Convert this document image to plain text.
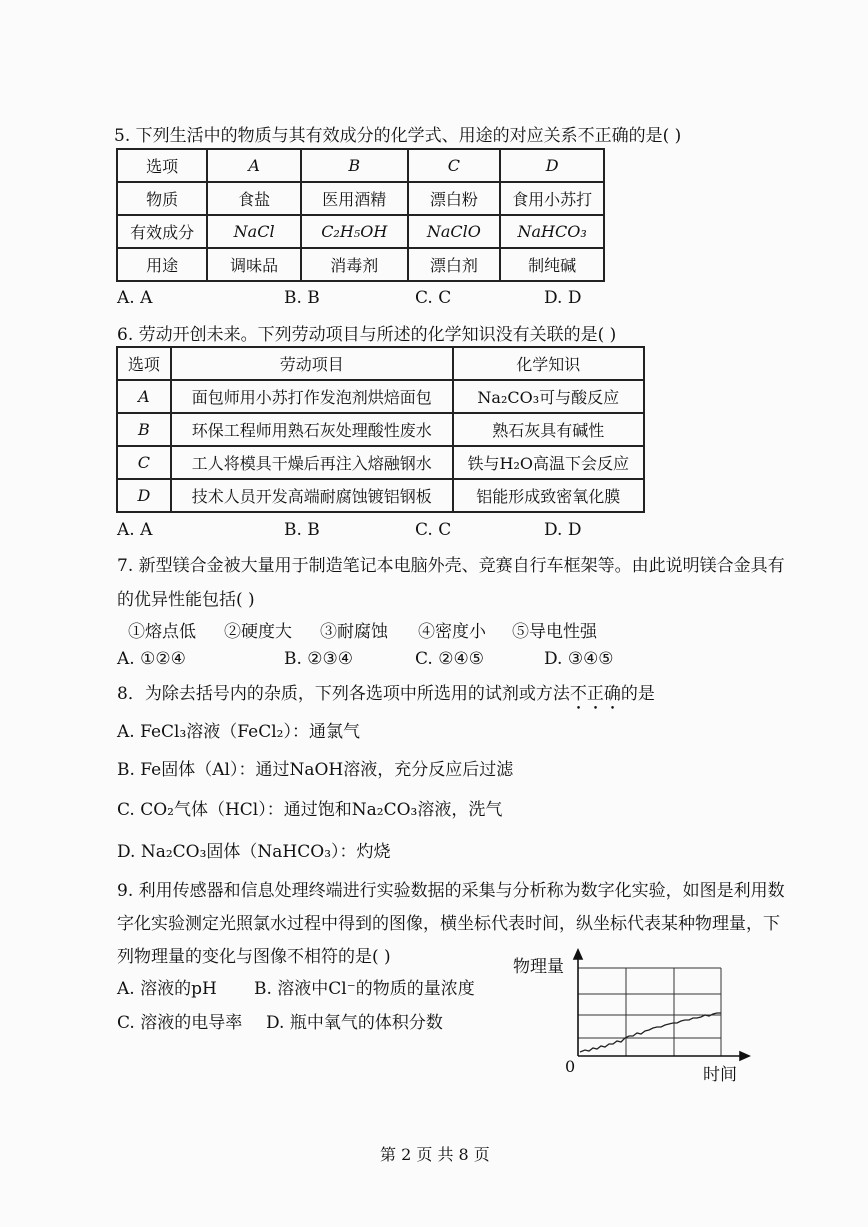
5. 下列生活中的物质与其有效成分的化学式、用途的对应关系不正确的是( )
选项	A	B	C	D
物质	食盐	医用酒精	漂白粉	食用小苏打
有效成分	NaCl	C₂H₅OH	NaClO	NaHCO₃
用途	调味品	消毒剂	漂白剂	制纯碱
A. A	B. B	C. C	D. D
6. 劳动开创未来。下列劳动项目与所述的化学知识没有关联的是( )
选项	劳动项目	化学知识
A	面包师用小苏打作发泡剂烘焙面包	Na₂CO₃可与酸反应
B	环保工程师用熟石灰处理酸性废水	熟石灰具有碱性
C	工人将模具干燥后再注入熔融钢水	铁与H₂O高温下会反应
D	技术人员开发高端耐腐蚀镀铝钢板	铝能形成致密氧化膜
A. A	B. B	C. C	D. D
7. 新型镁合金被大量用于制造笔记本电脑外壳、竞赛自行车框架等。由此说明镁合金具有
的优异性能包括( )
①熔点低 ②硬度大 ③耐腐蚀 ④密度小 ⑤导电性强
A. ①②④	B. ②③④	C. ②④⑤	D. ③④⑤
8．为除去括号内的杂质，下列各选项中所选用的试剂或方法不正确的是
A. FeCl₃溶液（FeCl₂）：通氯气
B. Fe固体（Al）：通过NaOH溶液，充分反应后过滤
C. CO₂气体（HCl）：通过饱和Na₂CO₃溶液，洗气
D. Na₂CO₃固体（NaHCO₃）：灼烧
9. 利用传感器和信息处理终端进行实验数据的采集与分析称为数字化实验，如图是利用数
字化实验测定光照氯水过程中得到的图像，横坐标代表时间，纵坐标代表某种物理量，下
列物理量的变化与图像不相符的是( )
A. 溶液的pH B. 溶液中Cl⁻的物质的量浓度
C. 溶液的电导率 D. 瓶中氧气的体积分数
物理量
时间
0
第 2 页 共 8 页
